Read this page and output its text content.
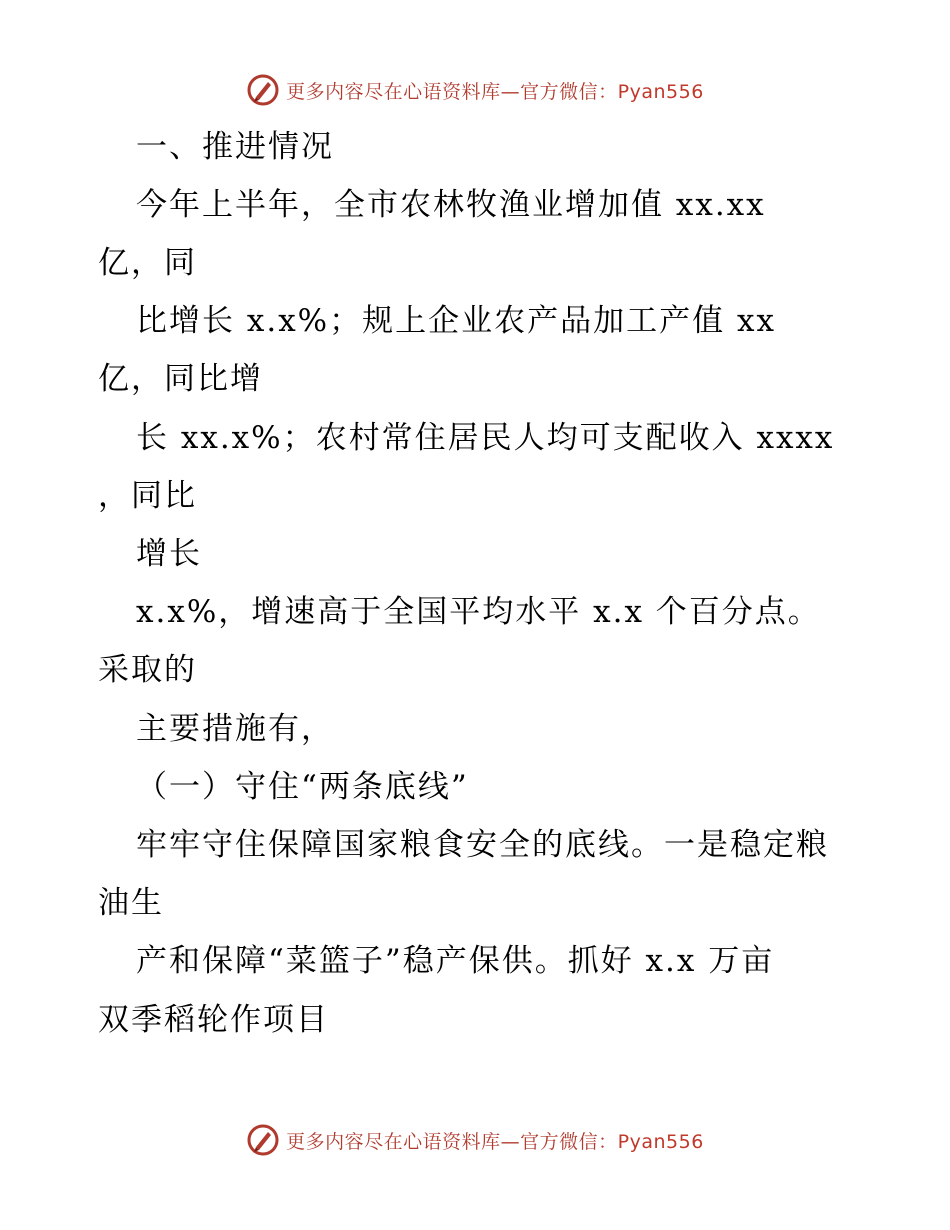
更多内容尽在心语资料库—官方微信：Pyan556
一、推进情况
今年上半年，全市农林牧渔业增加值 xx.xx
亿，同
比增长 x.x%；规上企业农产品加工产值 xx
亿，同比增
长 xx.x%；农村常住居民人均可支配收入 xxxx
，同比
增长
x.x%，增速高于全国平均水平 x.x 个百分点。
采取的
主要措施有，
（一）守住“两条底线”
牢牢守住保障国家粮食安全的底线。一是稳定粮
油生
产和保障“菜篮子”稳产保供。抓好 x.x 万亩
双季稻轮作项目
更多内容尽在心语资料库—官方微信：Pyan556
